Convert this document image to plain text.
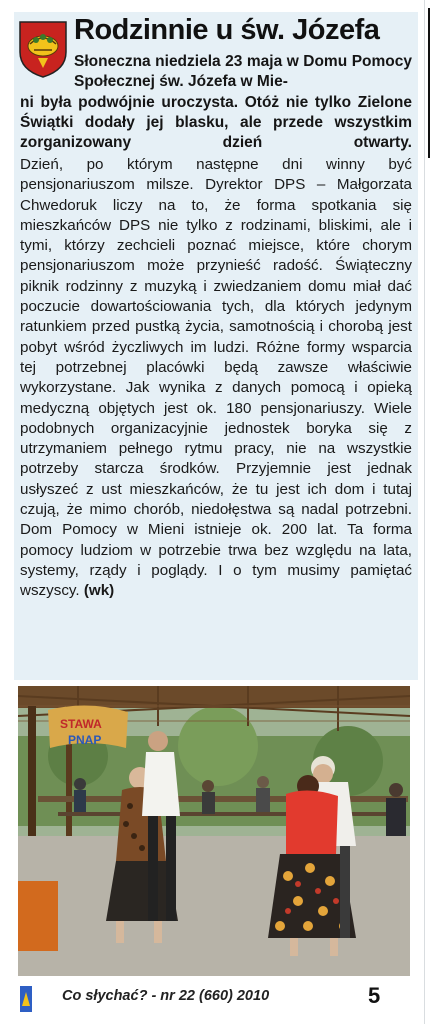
Rodzinnie u św. Józefa
Słoneczna niedziela 23 maja w Domu Pomocy Społecznej św. Józefa w Mie-
ni była podwójnie uroczysta. Otóż nie tylko Zielone Świątki dodały jej blasku, ale przede wszystkim zorganizowany dzień otwarty.
Dzień, po którym następne dni winny być pensjonariuszom milsze. Dyrektor DPS – Małgorzata Chwedoruk liczy na to, że forma spotkania się mieszkańców DPS nie tylko z rodzinami, bliskimi, ale i tymi, którzy zechcieli poznać miejsce, które chorym pensjonariuszom może przynieść radość. Świąteczny piknik rodzinny z muzyką i zwiedzaniem domu miał dać poczucie dowartościowania tych, dla których jedynym ratunkiem przed pustką życia, samotnością i chorobą jest pobyt wśród życzliwych im ludzi. Różne formy wsparcia tej potrzebnej placówki będą zawsze właściwie wykorzystane. Jak wynika z danych pomocą i opieką medyczną objętych jest ok. 180 pensjonariuszy. Wiele podobnych organizacyjnie jednostek boryka się z utrzymaniem pełnego rytmu pracy, nie na wszystkie potrzeby starcza środków. Przyjemnie jest jednak usłyszeć z ust mieszkańców, że tu jest ich dom i tutaj czują, że mimo chorób, niedołęstwa są nadal potrzebni. Dom Pomocy w Mieni istnieje ok. 200 lat. Ta forma pomocy ludziom w potrzebie trwa bez względu na lata, systemy, rządy i poglądy. I o tym musimy pamiętać wszyscy. (wk)
STAWA
PNAP
Co słychać? - nr 22 (660) 2010	5
